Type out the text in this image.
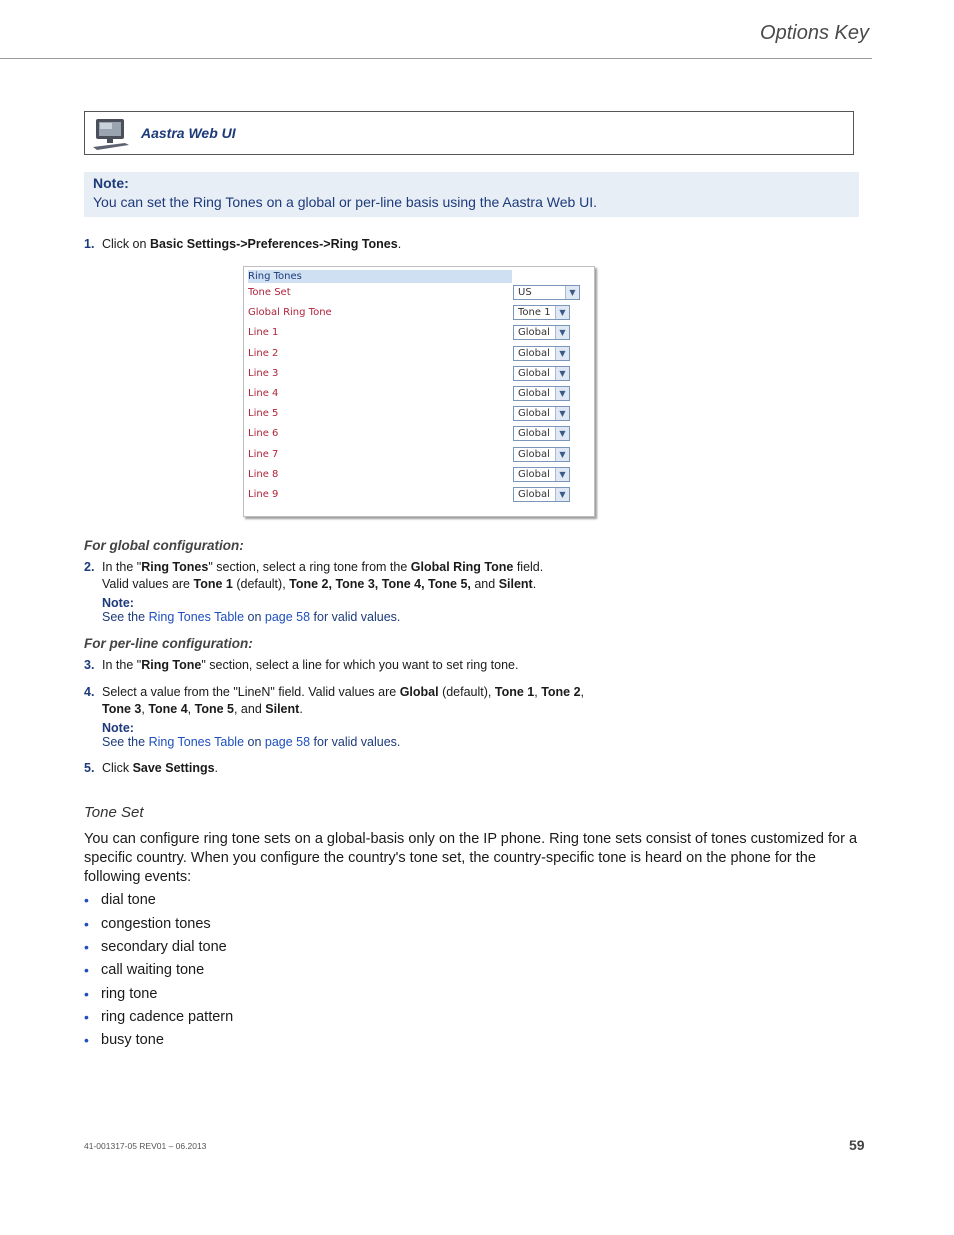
Options Key
Aastra Web UI
Note:
You can set the Ring Tones on a global or per-line basis using the Aastra Web UI.
1. Click on Basic Settings->Preferences->Ring Tones.
Ring Tones
Tone Set	US	▼
Global Ring Tone	Tone 1	▼
Line 1	Global	▼
Line 2	Global	▼
Line 3	Global	▼
Line 4	Global	▼
Line 5	Global	▼
Line 6	Global	▼
Line 7	Global	▼
Line 8	Global	▼
Line 9	Global	▼
For global configuration:
2. In the "Ring Tones" section, select a ring tone from the Global Ring Tone field.
Valid values are Tone 1 (default), Tone 2, Tone 3, Tone 4, Tone 5, and Silent.
Note:
See the Ring Tones Table on page 58 for valid values.
For per-line configuration:
3. In the "Ring Tone" section, select a line for which you want to set ring tone.
4. Select a value from the "LineN" field. Valid values are Global (default), Tone 1, Tone 2,
Tone 3, Tone 4, Tone 5, and Silent.
Note:
See the Ring Tones Table on page 58 for valid values.
5. Click Save Settings.
Tone Set
You can configure ring tone sets on a global-basis only on the IP phone. Ring tone sets consist of tones customized for a specific country. When you configure the country's tone set, the country-specific tone is heard on the phone for the following events:
• dial tone
• congestion tones
• secondary dial tone
• call waiting tone
• ring tone
• ring cadence pattern
• busy tone
41-001317-05 REV01 – 06.2013	59
